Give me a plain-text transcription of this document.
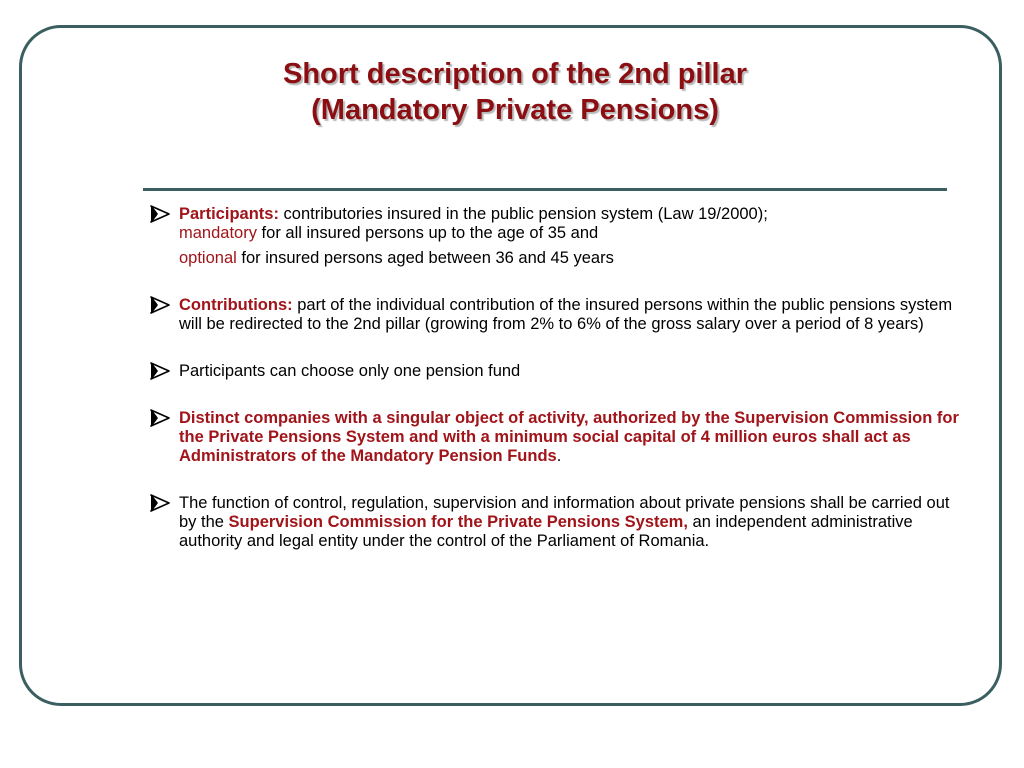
Short description of the 2nd pillar
(Mandatory Private Pensions)
Participants: contributories insured in the public pension system (Law 19/2000);
mandatory for all insured persons up to the age of 35 and
optional for insured persons aged between 36 and 45 years
Contributions: part of the individual contribution of the insured persons within the public pensions system will be redirected to the 2nd pillar (growing from 2% to 6% of the gross salary over a period of 8 years)
Participants can choose only one pension fund
Distinct companies with a singular object of activity, authorized by the Supervision Commission for the Private Pensions System and with a minimum social capital of 4 million euros shall act as Administrators of the Mandatory Pension Funds.
The function of control, regulation, supervision and information about private pensions shall be carried out by the Supervision Commission for the Private Pensions System, an independent administrative authority and legal entity under the control of the Parliament of Romania.
